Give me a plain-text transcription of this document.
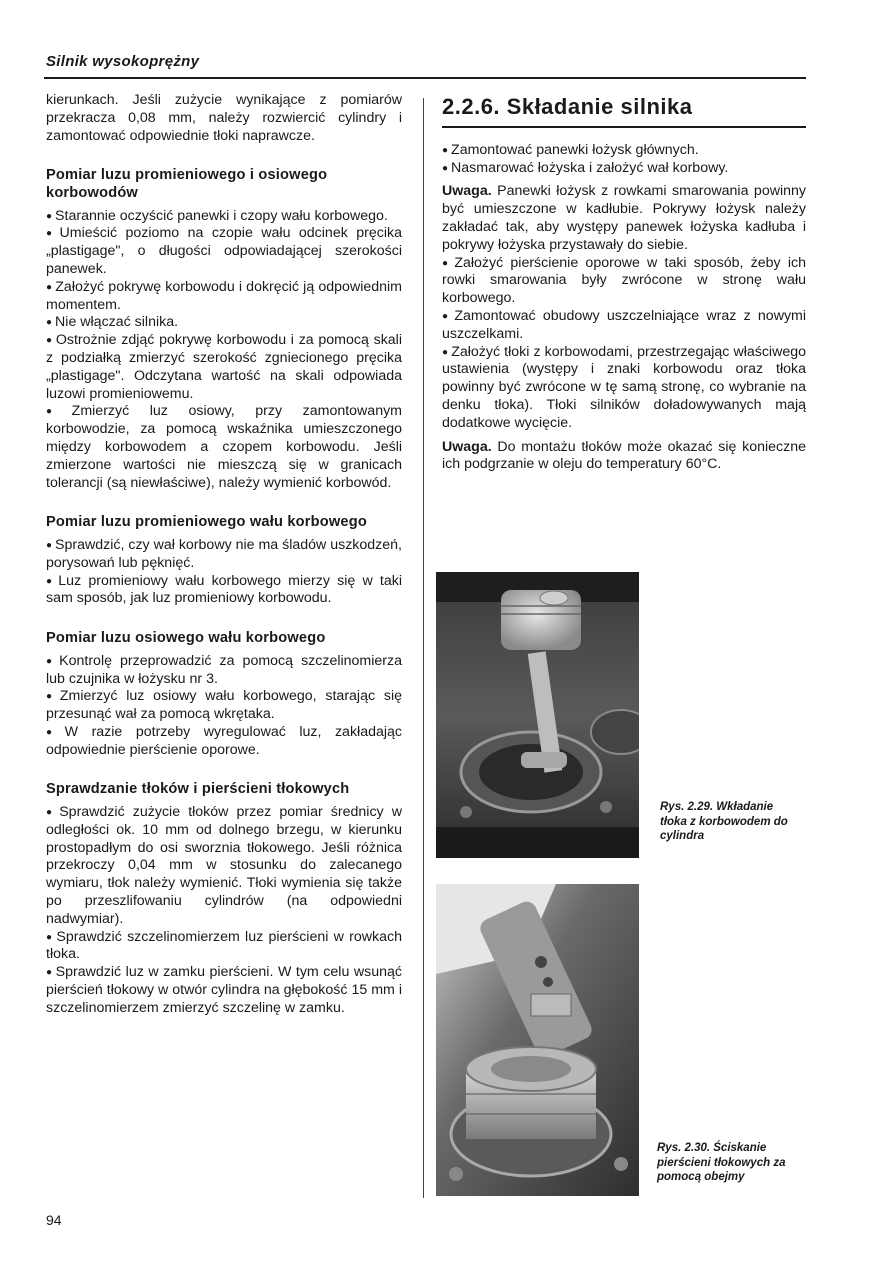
Silnik wysokoprężny

kierunkach. Jeśli zużycie wynikające z pomiarów przekracza 0,08 mm, należy rozwiercić cylindry i zamontować odpowiednie tłoki naprawcze.

Pomiar luzu promieniowego i osiowego korbowodów

● Starannie oczyścić panewki i czopy wału korbowego.

● Umieścić poziomo na czopie wału odcinek pręcika „plastigage", o długości odpowiadającej szerokości panewek.

● Założyć pokrywę korbowodu i dokręcić ją odpowiednim momentem.

● Nie włączać silnika.

● Ostrożnie zdjąć pokrywę korbowodu i za pomocą skali z podziałką zmierzyć szerokość zgniecionego pręcika „plastigage". Odczytana wartość na skali odpowiada luzowi promieniowemu.

● Zmierzyć luz osiowy, przy zamontowanym korbowodzie, za pomocą wskaźnika umieszczonego między korbowodem a czopem korbowodu. Jeśli zmierzone wartości nie mieszczą się w granicach tolerancji (są niewłaściwe), należy wymienić korbowód.

Pomiar luzu promieniowego wału korbowego

● Sprawdzić, czy wał korbowy nie ma śladów uszkodzeń, porysowań lub pęknięć.

● Luz promieniowy wału korbowego mierzy się w taki sam sposób, jak luz promieniowy korbowodu.

Pomiar luzu osiowego wału korbowego

● Kontrolę przeprowadzić za pomocą szczelinomierza lub czujnika w łożysku nr 3.

● Zmierzyć luz osiowy wału korbowego, starając się przesunąć wał za pomocą wkrętaka.

● W razie potrzeby wyregulować luz, zakładając odpowiednie pierścienie oporowe.

Sprawdzanie tłoków i pierścieni tłokowych

● Sprawdzić zużycie tłoków przez pomiar średnicy w odległości ok. 10 mm od dolnego brzegu, w kierunku prostopadłym do osi sworznia tłokowego. Jeśli różnica przekroczy 0,04 mm w stosunku do zalecanego wymiaru, tłok należy wymienić. Tłoki wymienia się także po przeszlifowaniu cylindrów (na odpowiedni nadwymiar).

● Sprawdzić szczelinomierzem luz pierścieni w rowkach tłoka.

● Sprawdzić luz w zamku pierścieni. W tym celu wsunąć pierścień tłokowy w otwór cylindra na głębokość 15 mm i szczelinomierzem zmierzyć szczelinę w zamku.

2.2.6. Składanie silnika

● Zamontować panewki łożysk głównych.

● Nasmarować łożyska i założyć wał korbowy.

Uwaga. Panewki łożysk z rowkami smarowania powinny być umieszczone w kadłubie. Pokrywy łożysk należy zakładać tak, aby występy panewek łożyska kadłuba i pokrywy łożyska przystawały do siebie.

● Założyć pierścienie oporowe w taki sposób, żeby ich rowki smarowania były zwrócone w stronę wału korbowego.

● Zamontować obudowy uszczelniające wraz z nowymi uszczelkami.

● Założyć tłoki z korbowodami, przestrzegając właściwego ustawienia (występy i znaki korbowodu oraz tłoka powinny być zwrócone w tę samą stronę, co wybranie na denku tłoka). Tłoki silników doładowywanych mają dodatkowe wycięcie.

Uwaga. Do montażu tłoków może okazać się konieczne ich podgrzanie w oleju do temperatury 60°C.

Rys. 2.29. Wkładanie tłoka z korbowodem do cylindra
Rys. 2.30. Ściskanie pierścieni tłokowych za pomocą obejmy
94
